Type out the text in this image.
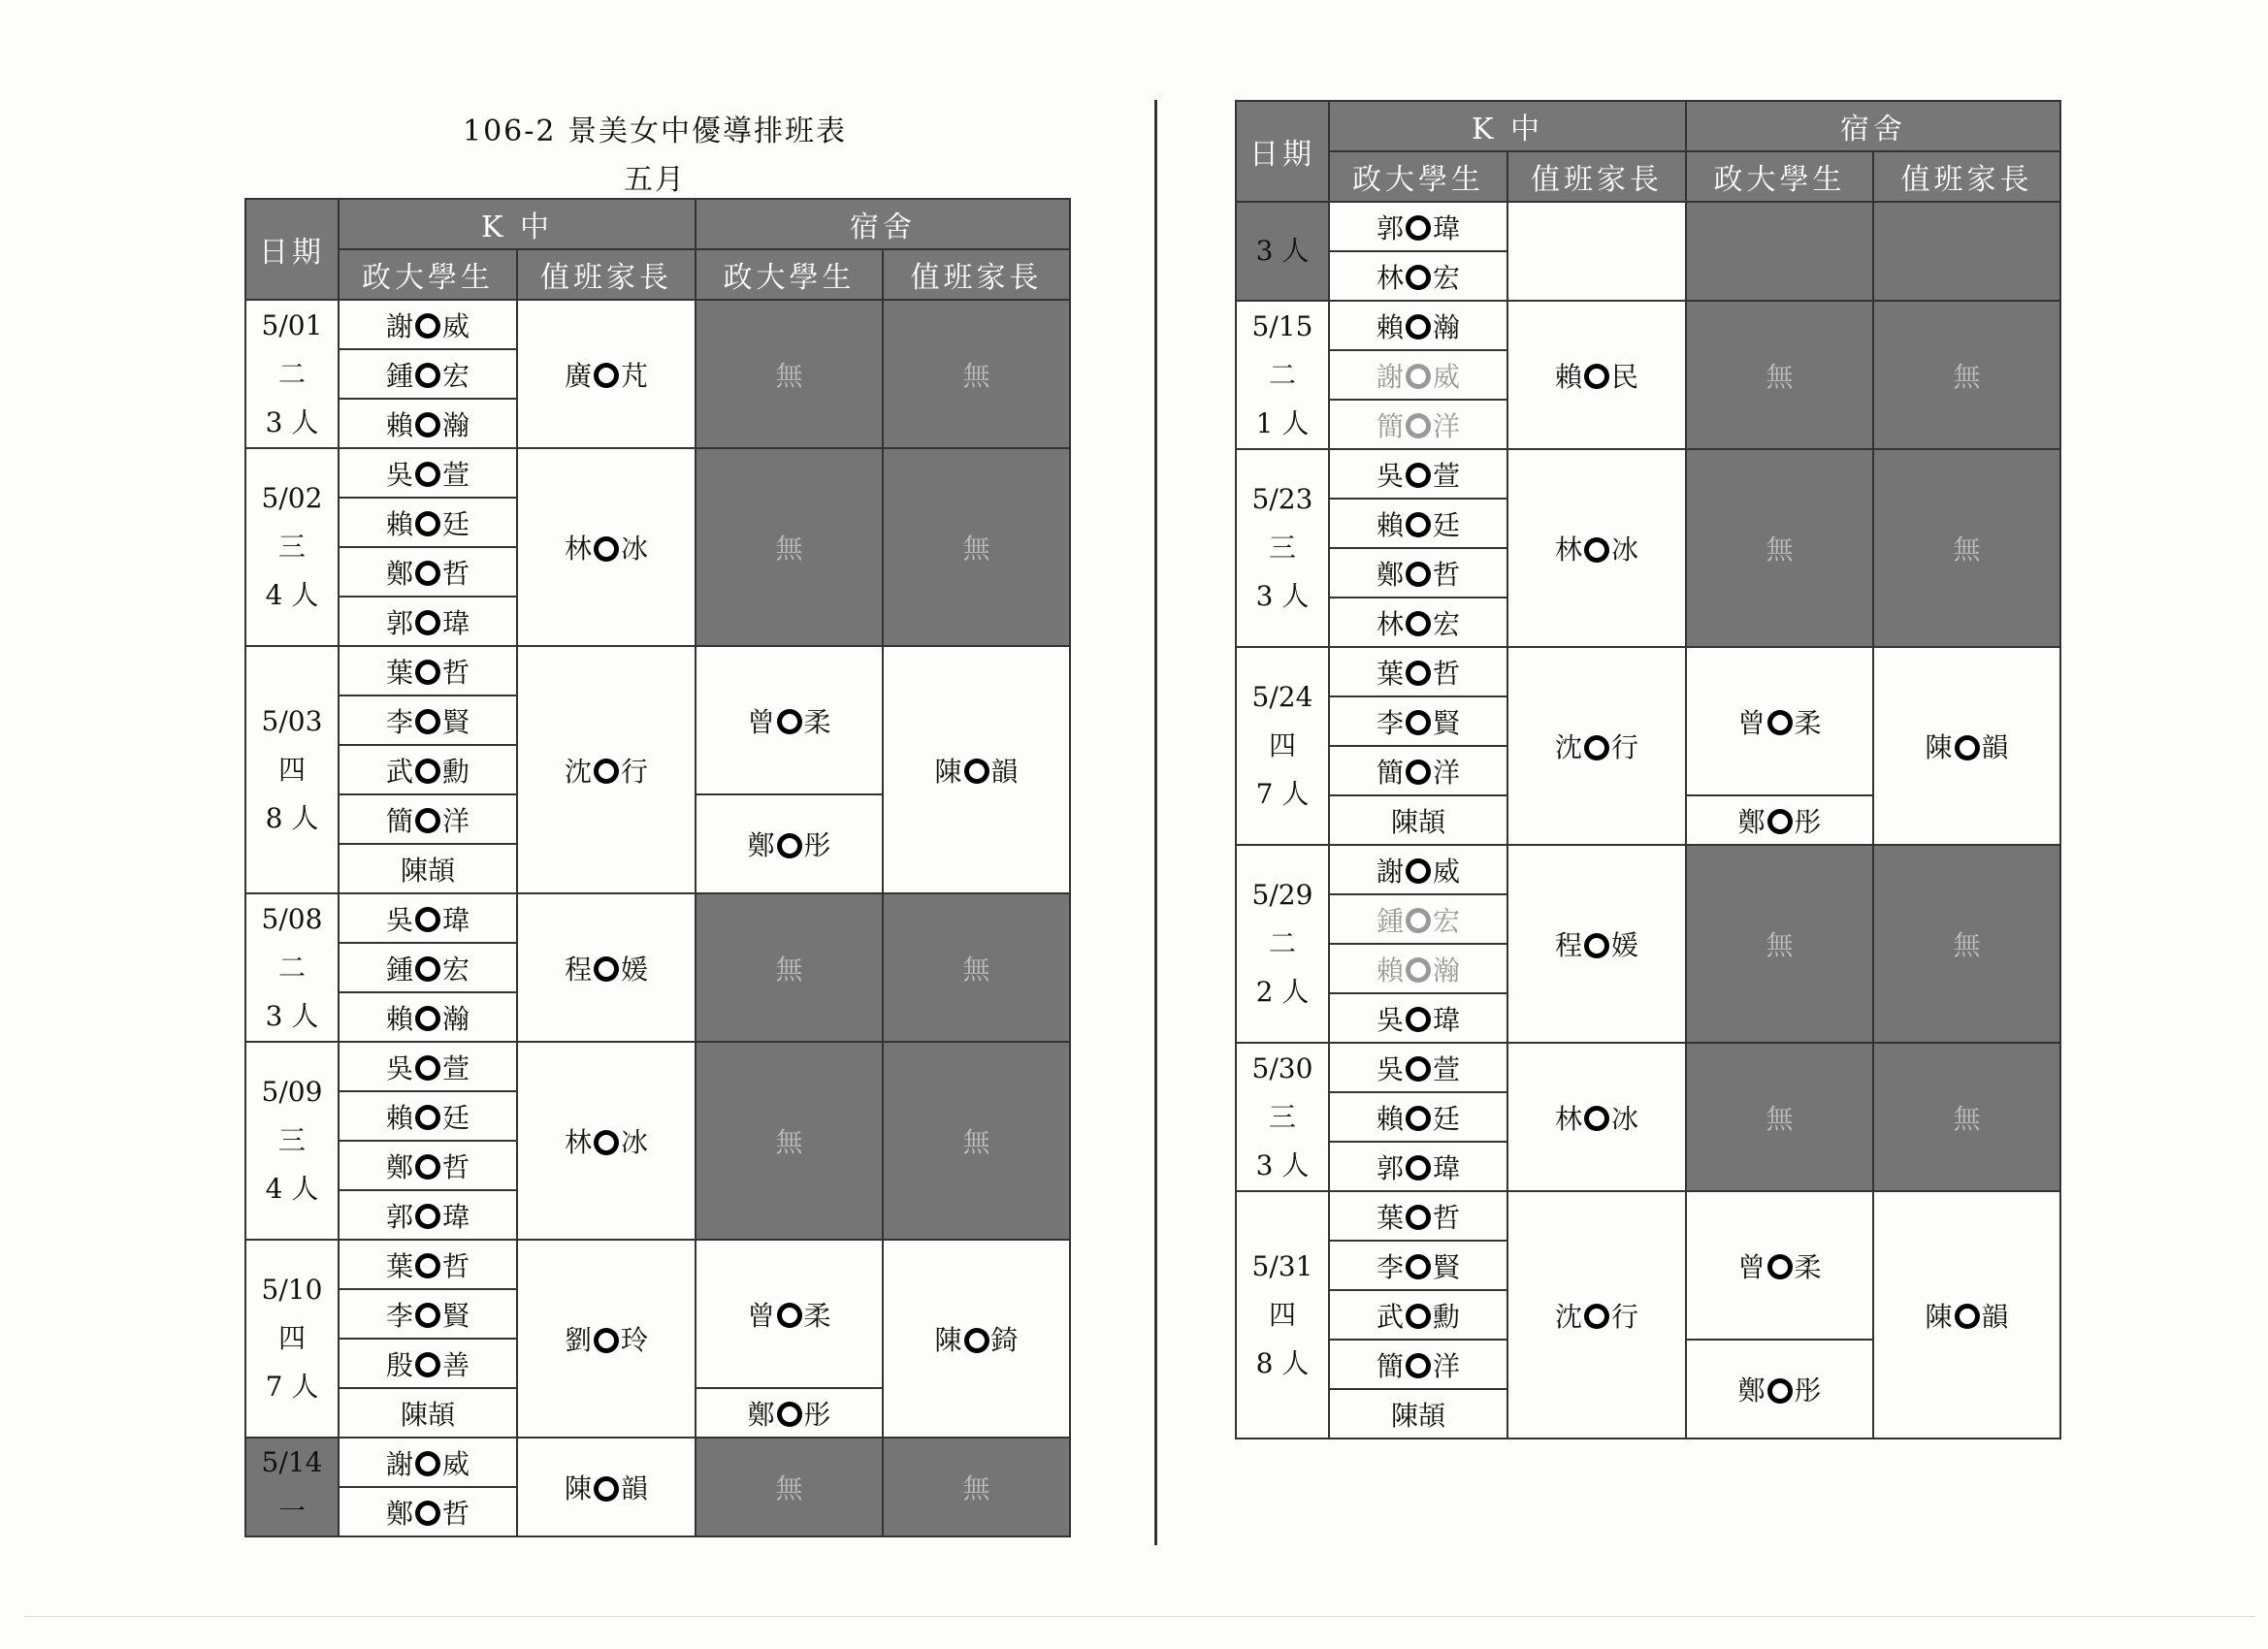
106-2 景美女中優導排班表
五月
日期	K 中		宿舍	
	政大學生	值班家長	政大學生	值班家長

5/01
二
3 人	謝 威	廣 芃	無	無
	鍾 宏			
	賴 瀚			

5/02
三
4 人	吳 萱	林 冰	無	無
	賴 廷			
	鄭 哲			
	郭 瑋			

5/03
四
8 人	葉 哲	沈 行	曾 柔	陳 韻
	李 賢			
	武 勳			
	簡 洋		鄭 彤	
	陳頡			

5/08
二
3 人	吳 瑋	程 媛	無	無
	鍾 宏			
	賴 瀚			

5/09
三
4 人	吳 萱	林 冰	無	無
	賴 廷			
	鄭 哲			
	郭 瑋			

5/10
四
7 人	葉 哲	劉 玲	曾 柔	陳 錡
	李 賢			
	殷 善			
	陳頡		鄭 彤	

5/14
一	謝 威	陳 韻	無	無
	鄭 哲			
日期	K 中		宿舍	
	政大學生	值班家長	政大學生	值班家長

3 人	郭 瑋			
	林 宏			

5/15
二
1 人	賴 瀚	賴 民	無	無
	謝 威			
	簡 洋			

5/23
三
3 人	吳 萱	林 冰	無	無
	賴 廷			
	鄭 哲			
	林 宏			

5/24
四
7 人	葉 哲	沈 行	曾 柔	陳 韻
	李 賢			
	簡 洋			
	陳頡		鄭 彤	

5/29
二
2 人	謝 威	程 媛	無	無
	鍾 宏			
	賴 瀚			
	吳 瑋			

5/30
三
3 人	吳 萱	林 冰	無	無
	賴 廷			
	郭 瑋			

5/31
四
8 人	葉 哲	沈 行	曾 柔	陳 韻
	李 賢			
	武 勳			
	簡 洋		鄭 彤	
	陳頡			
